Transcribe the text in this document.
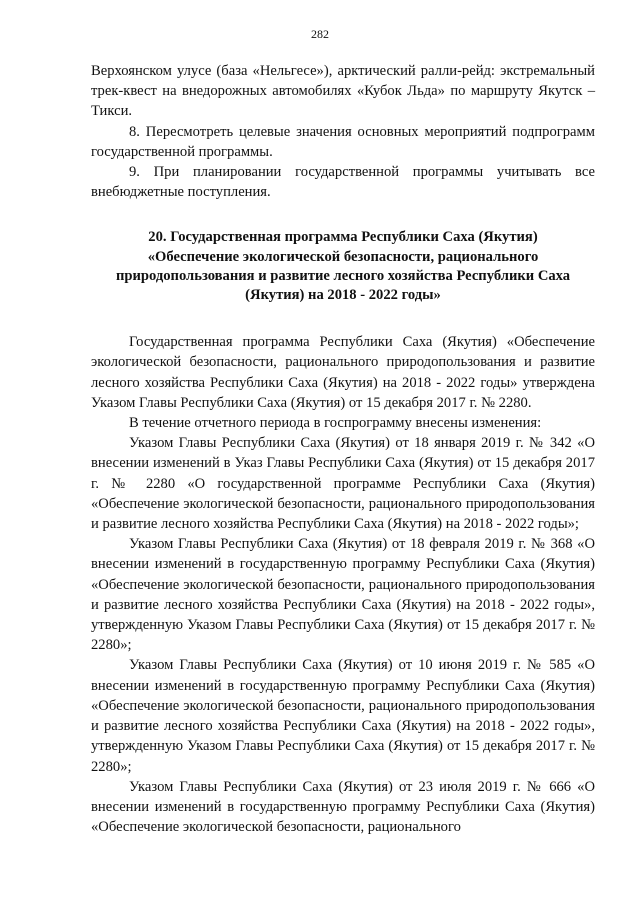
282

Верхоянском улусе (база «Нельгесе»), арктический ралли-рейд: экстремальный трек-квест на внедорожных автомобилях «Кубок Льда» по маршруту Якутск – Тикси.

8. Пересмотреть целевые значения основных мероприятий подпрограмм государственной программы.

9. При планировании государственной программы учитывать все внебюджетные поступления.

20. Государственная программа Республики Саха (Якутия) «Обеспечение экологической безопасности, рационального природопользования и развитие лесного хозяйства Республики Саха (Якутия) на 2018 - 2022 годы»

Государственная программа Республики Саха (Якутия) «Обеспечение экологической безопасности, рационального природопользования и развитие лесного хозяйства Республики Саха (Якутия) на 2018 - 2022 годы» утверждена Указом Главы Республики Саха (Якутия) от 15 декабря 2017 г. № 2280.

В течение отчетного периода в госпрограмму внесены изменения:

Указом Главы Республики Саха (Якутия) от 18 января 2019 г. № 342 «О внесении изменений в Указ Главы Республики Саха (Якутия) от 15 декабря 2017 г. № 2280 «О государственной программе Республики Саха (Якутия) «Обеспечение экологической безопасности, рационального природопользования и развитие лесного хозяйства Республики Саха (Якутия) на 2018 - 2022 годы»;

Указом Главы Республики Саха (Якутия) от 18 февраля 2019 г. № 368 «О внесении изменений в государственную программу Республики Саха (Якутия) «Обеспечение экологической безопасности, рационального природопользования и развитие лесного хозяйства Республики Саха (Якутия) на 2018 - 2022 годы», утвержденную Указом Главы Республики Саха (Якутия) от 15 декабря 2017 г. № 2280»;

Указом Главы Республики Саха (Якутия) от 10 июня 2019 г. № 585 «О внесении изменений в государственную программу Республики Саха (Якутия) «Обеспечение экологической безопасности, рационального природопользования и развитие лесного хозяйства Республики Саха (Якутия) на 2018 - 2022 годы», утвержденную Указом Главы Республики Саха (Якутия) от 15 декабря 2017 г. № 2280»;

Указом Главы Республики Саха (Якутия) от 23 июля 2019 г. № 666 «О внесении изменений в государственную программу Республики Саха (Якутия) «Обеспечение экологической безопасности, рационального
